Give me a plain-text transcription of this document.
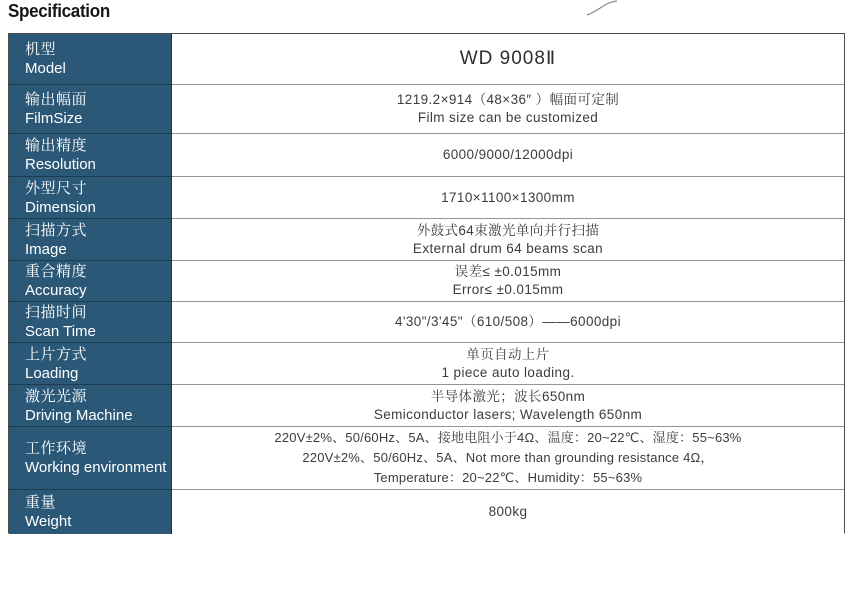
Specification
机型
Model	WD 9008Ⅱ
输出幅面
FilmSize
1219.2×914（48×36″ ）幅面可定制
Film size can be customized
输出精度
Resolution
6000/9000/12000dpi
外型尺寸
Dimension
1710×1100×1300mm
扫描方式
Image
外鼓式64束激光单向并行扫描
External drum 64 beams scan
重合精度
Accuracy
误差≤ ±0.015mm
Error≤ ±0.015mm
扫描时间
Scan Time
4'30"/3'45"（610/508）——6000dpi
上片方式
Loading
单页自动上片
1 piece auto loading.
激光光源
Driving Machine
半导体激光；波长650nm
Semiconductor lasers; Wavelength 650nm
工作环境
Working environment
220V±2%、50/60Hz、5A、接地电阻小于4Ω、温度：20~22℃、湿度：55~63%
220V±2%、50/60Hz、5A、Not more than grounding resistance 4Ω，
Temperature：20~22℃、Humidity：55~63%
重量
Weight
800kg
